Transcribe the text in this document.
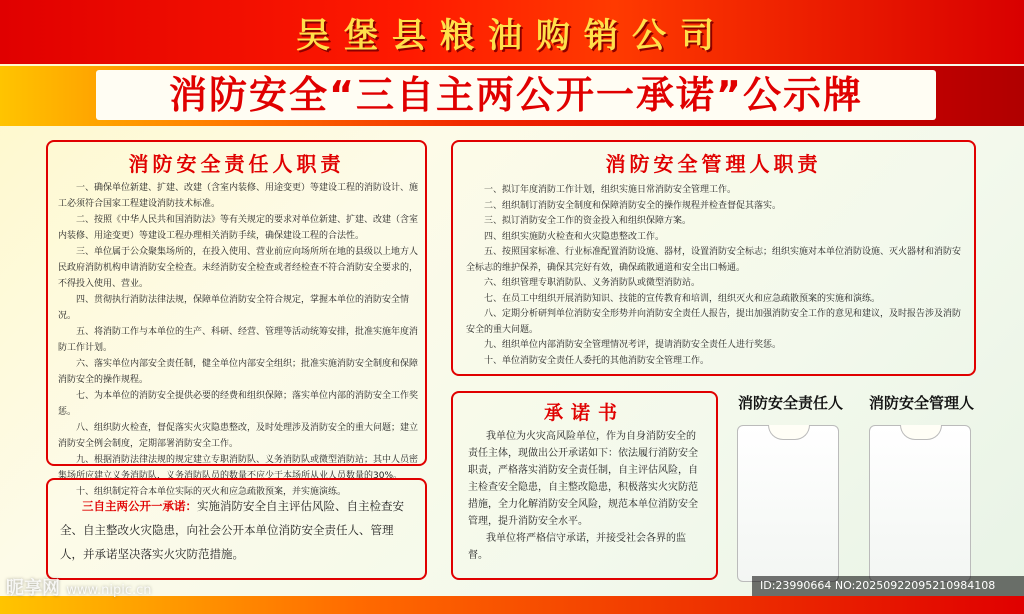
吴堡县粮油购销公司
消防安全“三自主两公开一承诺”公示牌
消防安全责任人职责

一、确保单位新建、扩建、改建（含室内装修、用途变更）等建设工程的消防设计、施工必须符合国家工程建设消防技术标准。

二、按照《中华人民共和国消防法》等有关规定的要求对单位新建、扩建、改建（含室内装修、用途变更）等建设工程办理相关消防手续，确保建设工程的合法性。

三、单位属于公众聚集场所的，在投入使用、营业前应向场所所在地的县级以上地方人民政府消防机构申请消防安全检查。未经消防安全检查或者经检查不符合消防安全要求的，不得投入使用、营业。

四、贯彻执行消防法律法规，保障单位消防安全符合规定，掌握本单位的消防安全情况。

五、将消防工作与本单位的生产、科研、经营、管理等活动统筹安排，批准实施年度消防工作计划。

六、落实单位内部安全责任制，健全单位内部安全组织；批准实施消防安全制度和保障消防安全的操作规程。

七、为本单位的消防安全提供必要的经费和组织保障；落实单位内部的消防安全工作奖惩。

八、组织防火检查，督促落实火灾隐患整改，及时处理涉及消防安全的重大问题；建立消防安全例会制度，定期部署消防安全工作。

九、根据消防法律法规的规定建立专职消防队、义务消防队或微型消防站；其中人员密集场所应建立义务消防队，义务消防队员的数量不应少于本场所从业人员数量的30%。

十、组织制定符合本单位实际的灭火和应急疏散预案，并实施演练。

三自主两公开一承诺：实施消防安全自主评估风险、自主检查安全、自主整改火灾隐患，向社会公开本单位消防安全责任人、管理人，并承诺坚决落实火灾防范措施。
消防安全管理人职责

一、拟订年度消防工作计划，组织实施日常消防安全管理工作。

二、组织制订消防安全制度和保障消防安全的操作规程并检查督促其落实。

三、拟订消防安全工作的资金投入和组织保障方案。

四、组织实施防火检查和火灾隐患整改工作。

五、按照国家标准、行业标准配置消防设施、器材，设置消防安全标志；组织实施对本单位消防设施、灭火器材和消防安全标志的维护保养，确保其完好有效，确保疏散通道和安全出口畅通。

六、组织管理专职消防队、义务消防队或微型消防站。

七、在员工中组织开展消防知识、技能的宣传教育和培训，组织灭火和应急疏散预案的实施和演练。

八、定期分析研判单位消防安全形势并向消防安全责任人报告，提出加强消防安全工作的意见和建议，及时报告涉及消防安全的重大问题。

九、组织单位内部消防安全管理情况考评，提请消防安全责任人进行奖惩。

十、单位消防安全责任人委托的其他消防安全管理工作。

承诺书

我单位为火灾高风险单位，作为自身消防安全的责任主体，现做出公开承诺如下：依法履行消防安全职责，严格落实消防安全责任制，自主评估风险，自主检查安全隐患，自主整改隐患，积极落实火灾防范措施，全力化解消防安全风险，规范本单位消防安全管理，提升消防安全水平。

我单位将严格信守承诺，并接受社会各界的监督。

消防安全责任人 消防安全管理人
昵享网 www.nipic.cn	ID:23990664 NO:20250922095210984108
